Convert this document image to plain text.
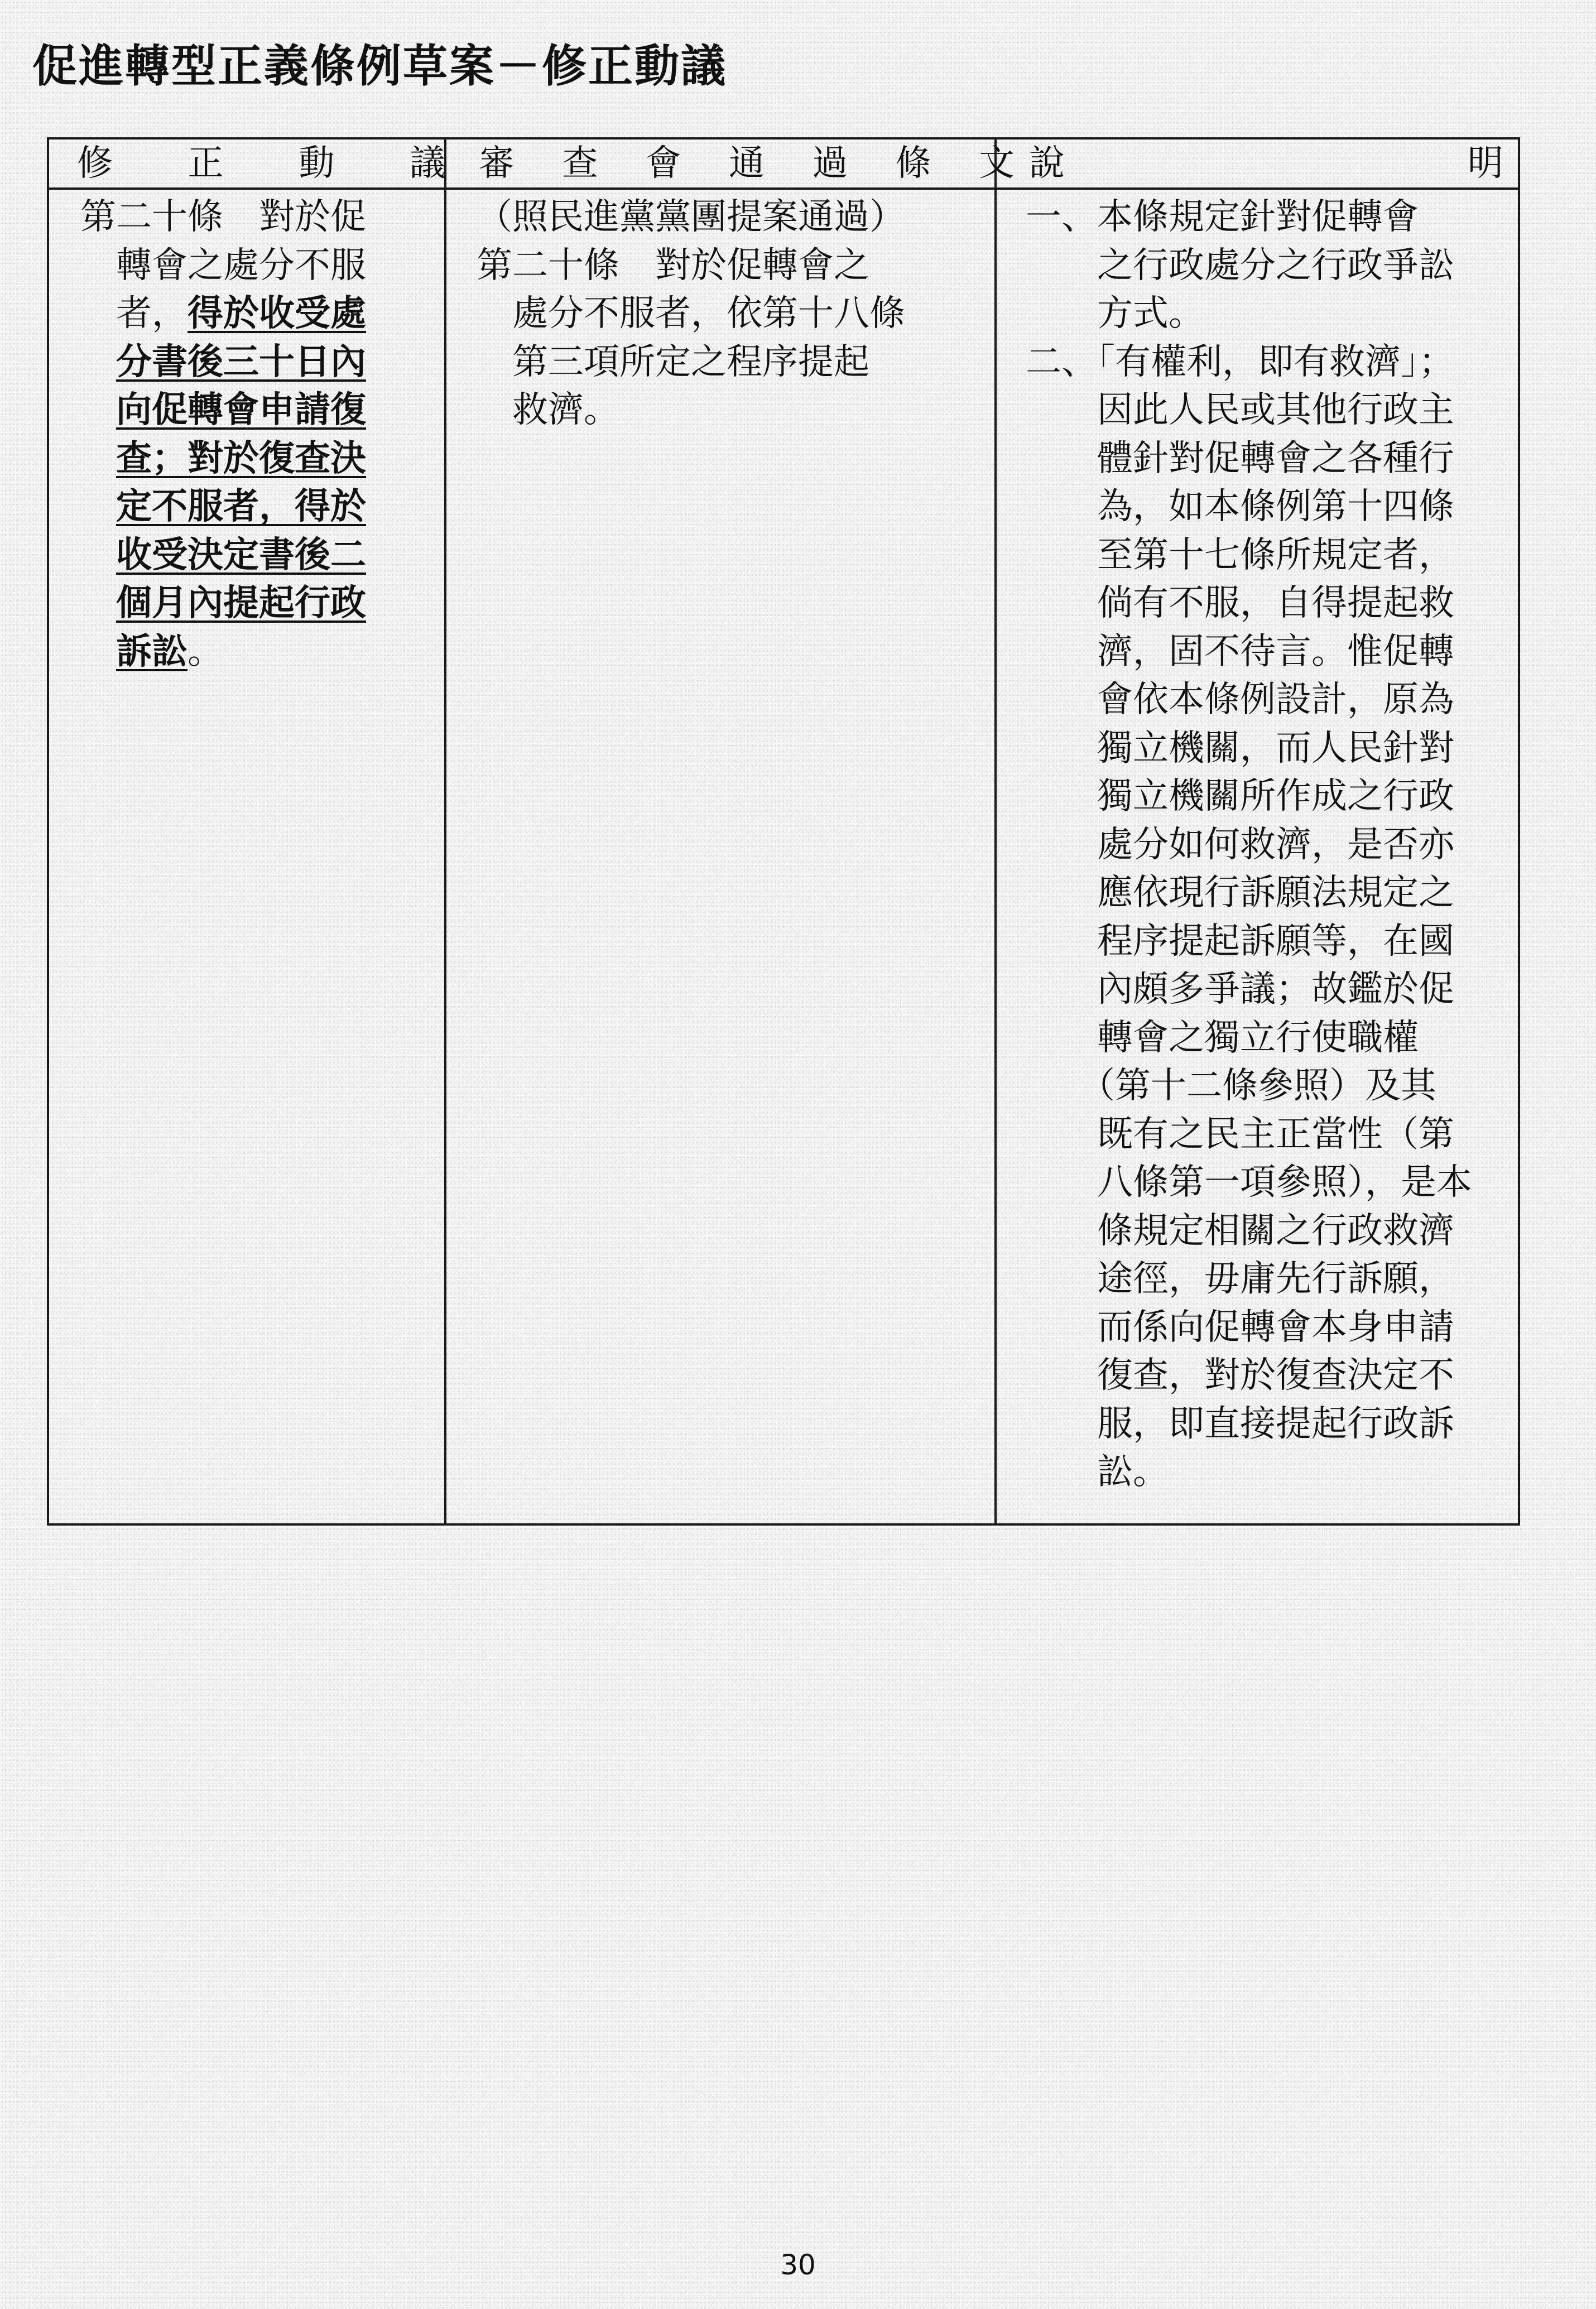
促進轉型正義條例草案－修正動議
修 正 動 議 審 查 會 通 過 條 文 說	明
第二十條　對於促
　轉會之處分不服
　者，得於收受處
　分書後三十日內
　向促轉會申請復
　查；對於復查決
　定不服者，得於
　收受決定書後二
　個月內提起行政
　訴訟。
（照民進黨黨團提案通過）
第二十條　對於促轉會之
　處分不服者，依第十八條
　第三項所定之程序提起
　救濟。
一、本條規定針對促轉會
　　之行政處分之行政爭訟
　　方式。
二、「有權利，即有救濟」；
　　因此人民或其他行政主
　　體針對促轉會之各種行
　　為，如本條例第十四條
　　至第十七條所規定者，
　　倘有不服，自得提起救
　　濟，固不待言。惟促轉
　　會依本條例設計，原為
　　獨立機關，而人民針對
　　獨立機關所作成之行政
　　處分如何救濟，是否亦
　　應依現行訴願法規定之
　　程序提起訴願等，在國
　　內頗多爭議；故鑑於促
　　轉會之獨立行使職權
　　（第十二條參照）及其
　　既有之民主正當性（第
　　八條第一項參照），是本
　　條規定相關之行政救濟
　　途徑，毋庸先行訴願，
　　而係向促轉會本身申請
　　復查，對於復查決定不
　　服，即直接提起行政訴
　　訟。
30
